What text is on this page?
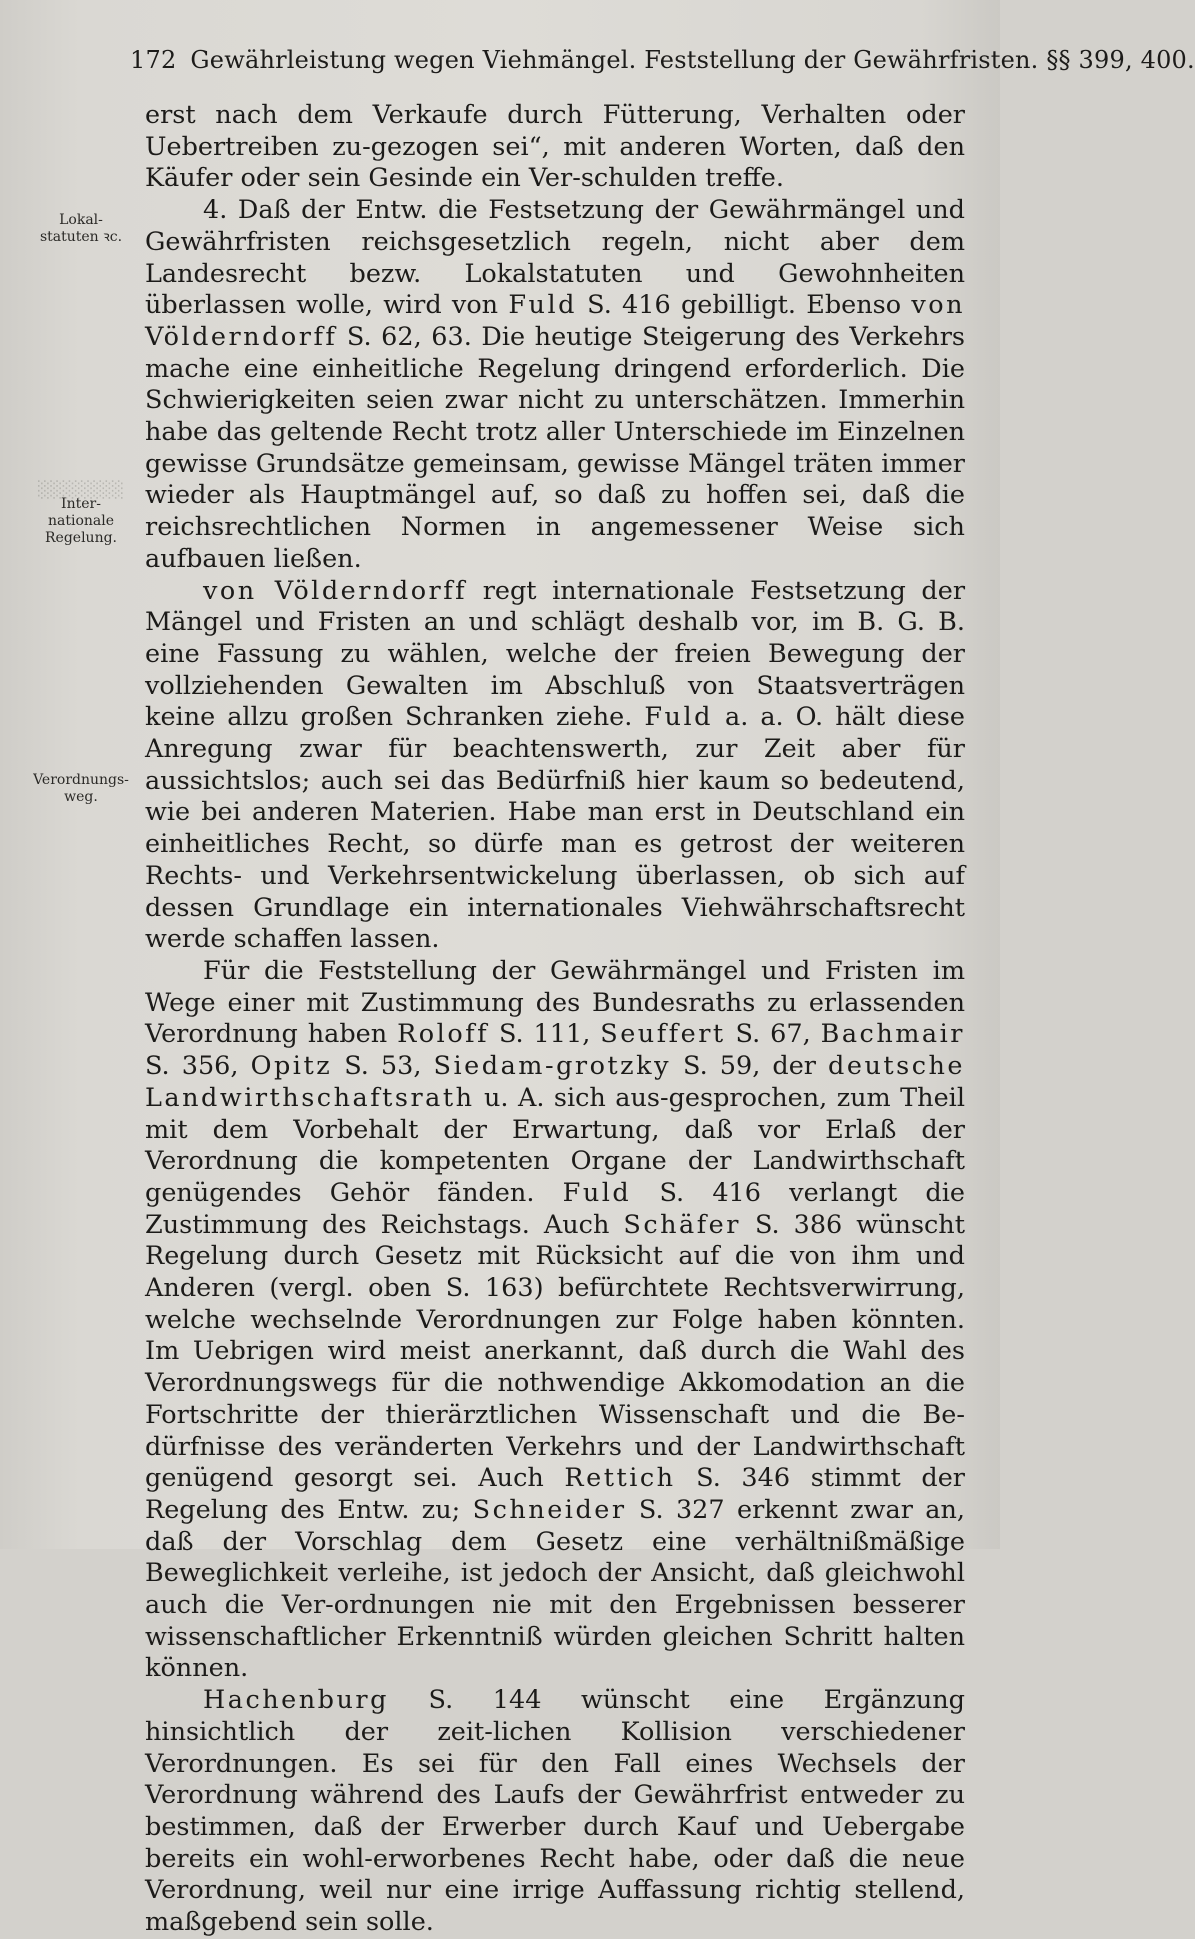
░░░░░░░
172 Gewährleistung wegen Viehmängel. Feststellung der Gewährfristen. §§ 399, 400.
Lokal-
statuten ꝛc.
Inter-
nationale
Regelung.
Verordnungs-
weg.

erst nach dem Verkaufe durch Fütterung, Verhalten oder Uebertreiben zu-gezogen sei“, mit anderen Worten, daß den Käufer oder sein Gesinde ein Ver-schulden treffe.

4. Daß der Entw. die Festsetzung der Gewährmängel und Gewährfristen reichsgesetzlich regeln, nicht aber dem Landesrecht bezw. Lokalstatuten und Gewohnheiten überlassen wolle, wird von Fuld S. 416 gebilligt. Ebenso von Völderndorff S. 62, 63. Die heutige Steigerung des Verkehrs mache eine einheitliche Regelung dringend erforderlich. Die Schwierigkeiten seien zwar nicht zu unterschätzen. Immerhin habe das geltende Recht trotz aller Unterschiede im Einzelnen gewisse Grundsätze gemeinsam, gewisse Mängel träten immer wieder als Hauptmängel auf, so daß zu hoffen sei, daß die reichsrechtlichen Normen in angemessener Weise sich aufbauen ließen.

von Völderndorff regt internationale Festsetzung der Mängel und Fristen an und schlägt deshalb vor, im B. G. B. eine Fassung zu wählen, welche der freien Bewegung der vollziehenden Gewalten im Abschluß von Staatsverträgen keine allzu großen Schranken ziehe. Fuld a. a. O. hält diese Anregung zwar für beachtenswerth, zur Zeit aber für aussichtslos; auch sei das Bedürfniß hier kaum so bedeutend, wie bei anderen Materien. Habe man erst in Deutschland ein einheitliches Recht, so dürfe man es getrost der weiteren Rechts- und Verkehrsentwickelung überlassen, ob sich auf dessen Grundlage ein internationales Viehwährschaftsrecht werde schaffen lassen.

Für die Feststellung der Gewährmängel und Fristen im Wege einer mit Zustimmung des Bundesraths zu erlassenden Verordnung haben Roloff S. 111, Seuffert S. 67, Bachmair S. 356, Opitz S. 53, Siedam-grotzky S. 59, der deutsche Landwirthschaftsrath u. A. sich aus-gesprochen, zum Theil mit dem Vorbehalt der Erwartung, daß vor Erlaß der Verordnung die kompetenten Organe der Landwirthschaft genügendes Gehör fänden. Fuld S. 416 verlangt die Zustimmung des Reichstags. Auch Schäfer S. 386 wünscht Regelung durch Gesetz mit Rücksicht auf die von ihm und Anderen (vergl. oben S. 163) befürchtete Rechtsverwirrung, welche wechselnde Verordnungen zur Folge haben könnten. Im Uebrigen wird meist anerkannt, daß durch die Wahl des Verordnungswegs für die nothwendige Akkomodation an die Fortschritte der thierärztlichen Wissenschaft und die Be-dürfnisse des veränderten Verkehrs und der Landwirthschaft genügend gesorgt sei. Auch Rettich S. 346 stimmt der Regelung des Entw. zu; Schneider S. 327 erkennt zwar an, daß der Vorschlag dem Gesetz eine verhältnißmäßige Beweglichkeit verleihe, ist jedoch der Ansicht, daß gleichwohl auch die Ver-ordnungen nie mit den Ergebnissen besserer wissenschaftlicher Erkenntniß würden gleichen Schritt halten können.

Hachenburg S. 144 wünscht eine Ergänzung hinsichtlich der zeit-lichen Kollision verschiedener Verordnungen. Es sei für den Fall eines Wechsels der Verordnung während des Laufs der Gewährfrist entweder zu bestimmen, daß der Erwerber durch Kauf und Uebergabe bereits ein wohl-erworbenes Recht habe, oder daß die neue Verordnung, weil nur eine irrige Auffassung richtig stellend, maßgebend sein solle.
